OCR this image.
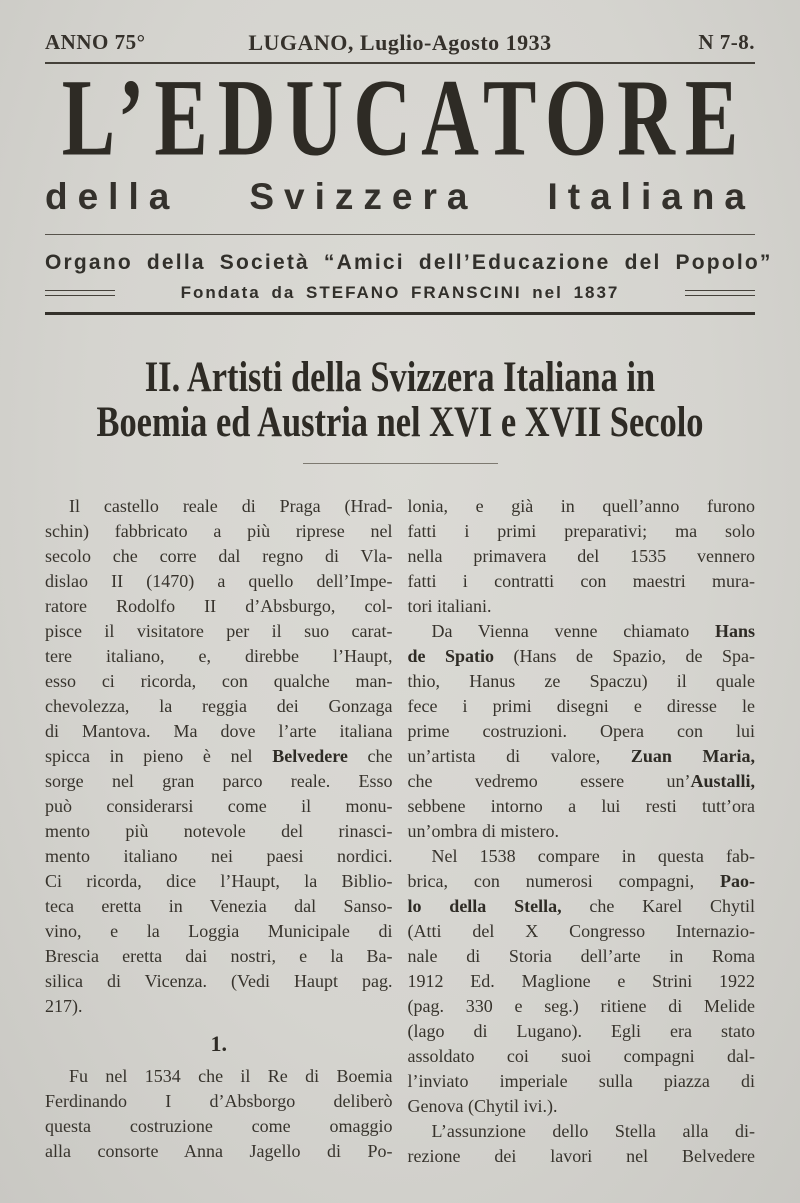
ANNO 75°	LUGANO, Luglio-Agosto 1933	N 7-8.
L’EDUCATORE
della Svizzera Italiana
Organo della Società “Amici dell’Educazione del Popolo”
Fondata da STEFANO FRANSCINI nel 1837
II. Artisti della Svizzera Italiana in
Boemia ed Austria nel XVI e XVII Secolo
Il castello reale di Praga (Hrad-
schin) fabbricato a più riprese nel
secolo che corre dal regno di Vla-
dislao II (1470) a quello dell’Impe-
ratore Rodolfo II d’Absburgo, col-
pisce il visitatore per il suo carat-
tere italiano, e, direbbe l’Haupt,
esso ci ricorda, con qualche man-
chevolezza, la reggia dei Gonzaga
di Mantova. Ma dove l’arte italiana
spicca in pieno è nel Belvedere che
sorge nel gran parco reale. Esso
può considerarsi come il monu-
mento più notevole del rinasci-
mento italiano nei paesi nordici.
Ci ricorda, dice l’Haupt, la Biblio-
teca eretta in Venezia dal Sanso-
vino, e la Loggia Municipale di
Brescia eretta dai nostri, e la Ba-
silica di Vicenza. (Vedi Haupt pag.
217).
1.
Fu nel 1534 che il Re di Boemia
Ferdinando I d’Absborgo deliberò
questa costruzione come omaggio
alla consorte Anna Jagello di Po-
lonia, e già in quell’anno furono
fatti i primi preparativi; ma solo
nella primavera del 1535 vennero
fatti i contratti con maestri mura-
tori italiani.
Da Vienna venne chiamato Hans
de Spatio (Hans de Spazio, de Spa-
thio, Hanus ze Spaczu) il quale
fece i primi disegni e diresse le
prime costruzioni. Opera con lui
un’artista di valore, Zuan Maria,
che vedremo essere un’Austalli,
sebbene intorno a lui resti tutt’ora
un’ombra di mistero.
Nel 1538 compare in questa fab-
brica, con numerosi compagni, Pao-
lo della Stella, che Karel Chytil
(Atti del X Congresso Internazio-
nale di Storia dell’arte in Roma
1912 Ed. Maglione e Strini 1922
(pag. 330 e seg.) ritiene di Melide
(lago di Lugano). Egli era stato
assoldato coi suoi compagni dal-
l’inviato imperiale sulla piazza di
Genova (Chytil ivi.).
L’assunzione dello Stella alla di-
rezione dei lavori nel Belvedere
